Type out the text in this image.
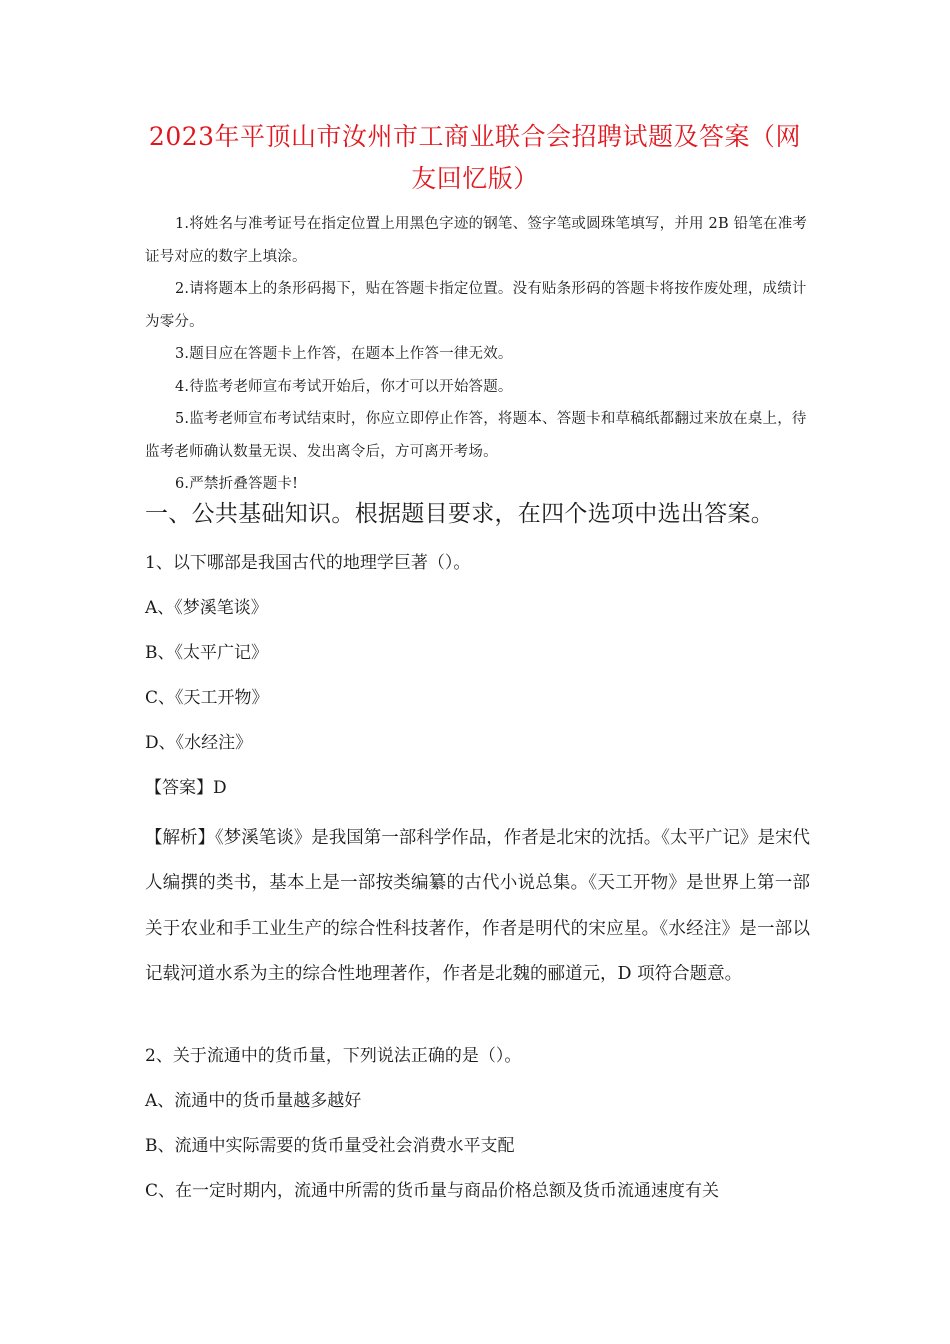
2023年平顶山市汝州市工商业联合会招聘试题及答案（网友回忆版）

1.将姓名与准考证号在指定位置上用黑色字迹的钢笔、签字笔或圆珠笔填写，并用 2B 铅笔在准考证号对应的数字上填涂。

2.请将题本上的条形码揭下，贴在答题卡指定位置。没有贴条形码的答题卡将按作废处理，成绩计为零分。

3.题目应在答题卡上作答，在题本上作答一律无效。

4.待监考老师宣布考试开始后，你才可以开始答题。

5.监考老师宣布考试结束时，你应立即停止作答，将题本、答题卡和草稿纸都翻过来放在桌上，待监考老师确认数量无误、发出离令后，方可离开考场。

6.严禁折叠答题卡!

一、公共基础知识。根据题目要求，在四个选项中选出答案。
1、以下哪部是我国古代的地理学巨著（）。
A、《梦溪笔谈》
B、《太平广记》
C、《天工开物》
D、《水经注》
【答案】D
【解析】《梦溪笔谈》是我国第一部科学作品，作者是北宋的沈括。《太平广记》是宋代人编撰的类书，基本上是一部按类编纂的古代小说总集。《天工开物》是世界上第一部关于农业和手工业生产的综合性科技著作，作者是明代的宋应星。《水经注》是一部以记载河道水系为主的综合性地理著作，作者是北魏的郦道元，D 项符合题意。
2、关于流通中的货币量，下列说法正确的是（）。
A、流通中的货币量越多越好
B、流通中实际需要的货币量受社会消费水平支配
C、在一定时期内，流通中所需的货币量与商品价格总额及货币流通速度有关
